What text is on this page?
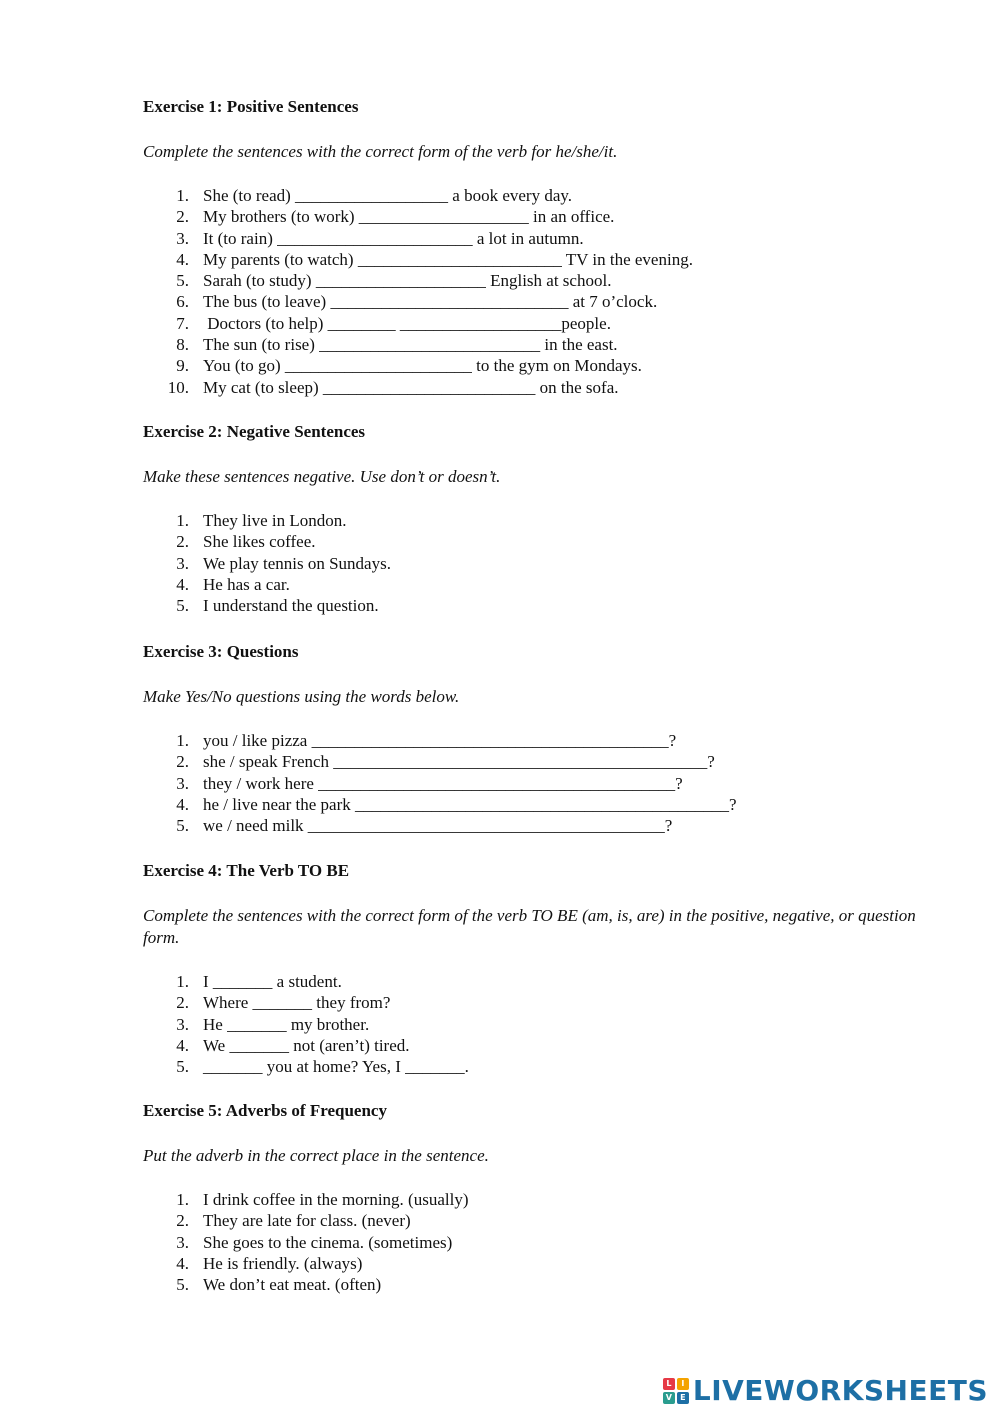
Exercise 1: Positive Sentences

Complete the sentences with the correct form of the verb for he/she/it.

1. She (to read) __________________ a book every day.
2. My brothers (to work) ____________________ in an office.
3. It (to rain) _______________________ a lot in autumn.
4. My parents (to watch) ________________________ TV in the evening.
5. Sarah (to study) ____________________ English at school.
6. The bus (to leave) ____________________________ at 7 o’clock.
7. Doctors (to help) ________ ___________________people.
8. The sun (to rise) __________________________ in the east.
9. You (to go) ______________________ to the gym on Mondays.
10. My cat (to sleep) _________________________ on the sofa.

Exercise 2: Negative Sentences

Make these sentences negative. Use don’t or doesn’t.

1. They live in London.
2. She likes coffee.
3. We play tennis on Sundays.
4. He has a car.
5. I understand the question.

Exercise 3: Questions

Make Yes/No questions using the words below.

1. you / like pizza __________________________________________?
2. she / speak French ____________________________________________?
3. they / work here __________________________________________?
4. he / live near the park ____________________________________________?
5. we / need milk __________________________________________?

Exercise 4: The Verb TO BE

Complete the sentences with the correct form of the verb TO BE (am, is, are) in the positive, negative, or question form.

1. I _______ a student.
2. Where _______ they from?
3. He _______ my brother.
4. We _______ not (aren’t) tired.
5. _______ you at home? Yes, I _______.

Exercise 5: Adverbs of Frequency

Put the adverb in the correct place in the sentence.

1. I drink coffee in the morning. (usually)
2. They are late for class. (never)
3. She goes to the cinema. (sometimes)
4. He is friendly. (always)
5. We don’t eat meat. (often)
L	I
V	E LIVEWORKSHEETS
